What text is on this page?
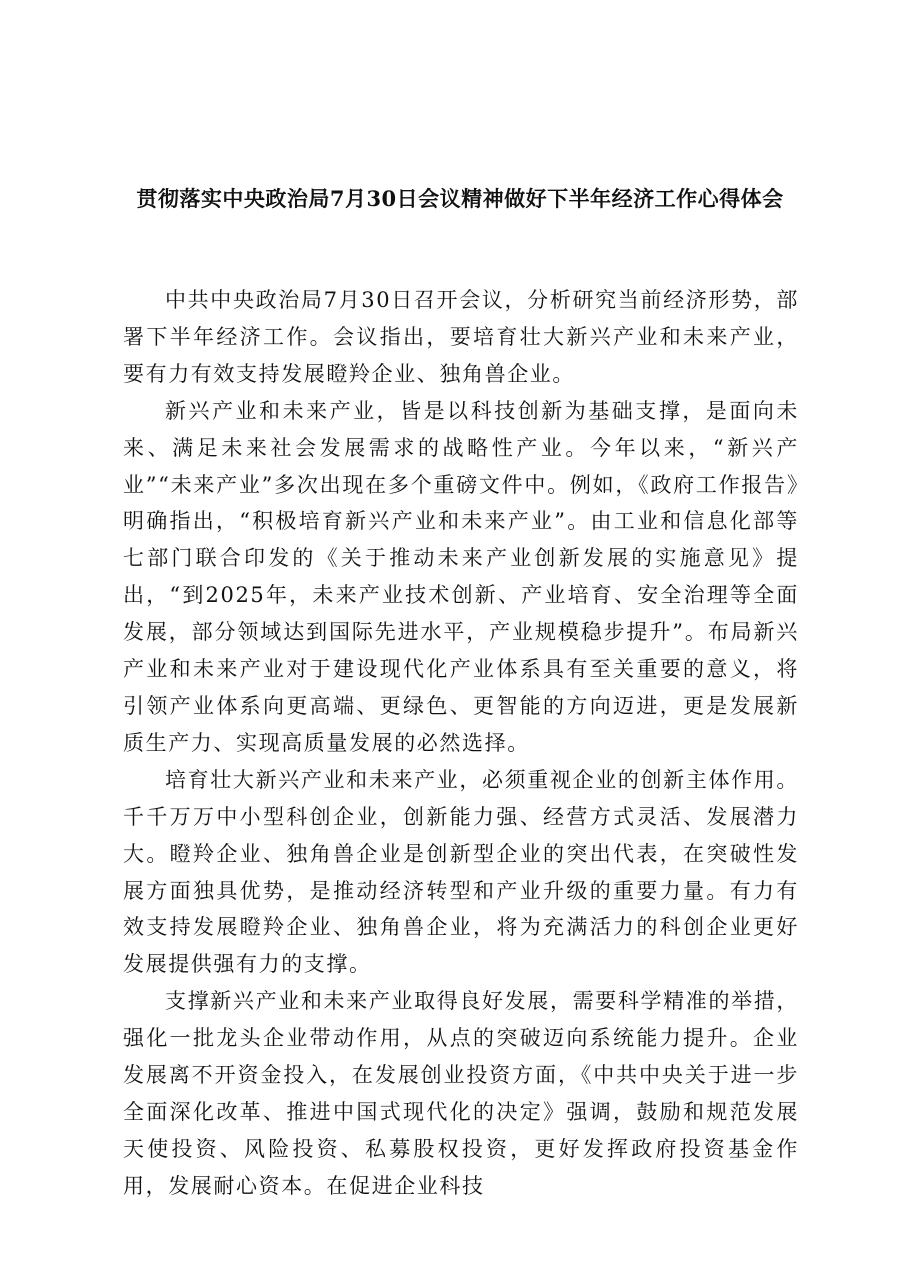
贯彻落实中央政治局7月30日会议精神做好下半年经济工作心得体会

中共中央政治局7月30日召开会议，分析研究当前经济形势，部署下半年经济工作。会议指出，要培育壮大新兴产业和未来产业，要有力有效支持发展瞪羚企业、独角兽企业。

新兴产业和未来产业，皆是以科技创新为基础支撑，是面向未来、满足未来社会发展需求的战略性产业。今年以来，“新兴产业”“未来产业”多次出现在多个重磅文件中。例如，《政府工作报告》明确指出，“积极培育新兴产业和未来产业”。由工业和信息化部等七部门联合印发的《关于推动未来产业创新发展的实施意见》提出，“到2025年，未来产业技术创新、产业培育、安全治理等全面发展，部分领域达到国际先进水平，产业规模稳步提升”。布局新兴产业和未来产业对于建设现代化产业体系具有至关重要的意义，将引领产业体系向更高端、更绿色、更智能的方向迈进，更是发展新质生产力、实现高质量发展的必然选择。

培育壮大新兴产业和未来产业，必须重视企业的创新主体作用。千千万万中小型科创企业，创新能力强、经营方式灵活、发展潜力大。瞪羚企业、独角兽企业是创新型企业的突出代表，在突破性发展方面独具优势，是推动经济转型和产业升级的重要力量。有力有效支持发展瞪羚企业、独角兽企业，将为充满活力的科创企业更好发展提供强有力的支撑。

支撑新兴产业和未来产业取得良好发展，需要科学精准的举措，强化一批龙头企业带动作用，从点的突破迈向系统能力提升。企业发展离不开资金投入，在发展创业投资方面，《中共中央关于进一步全面深化改革、推进中国式现代化的决定》强调，鼓励和规范发展天使投资、风险投资、私募股权投资，更好发挥政府投资基金作用，发展耐心资本。在促进企业科技
